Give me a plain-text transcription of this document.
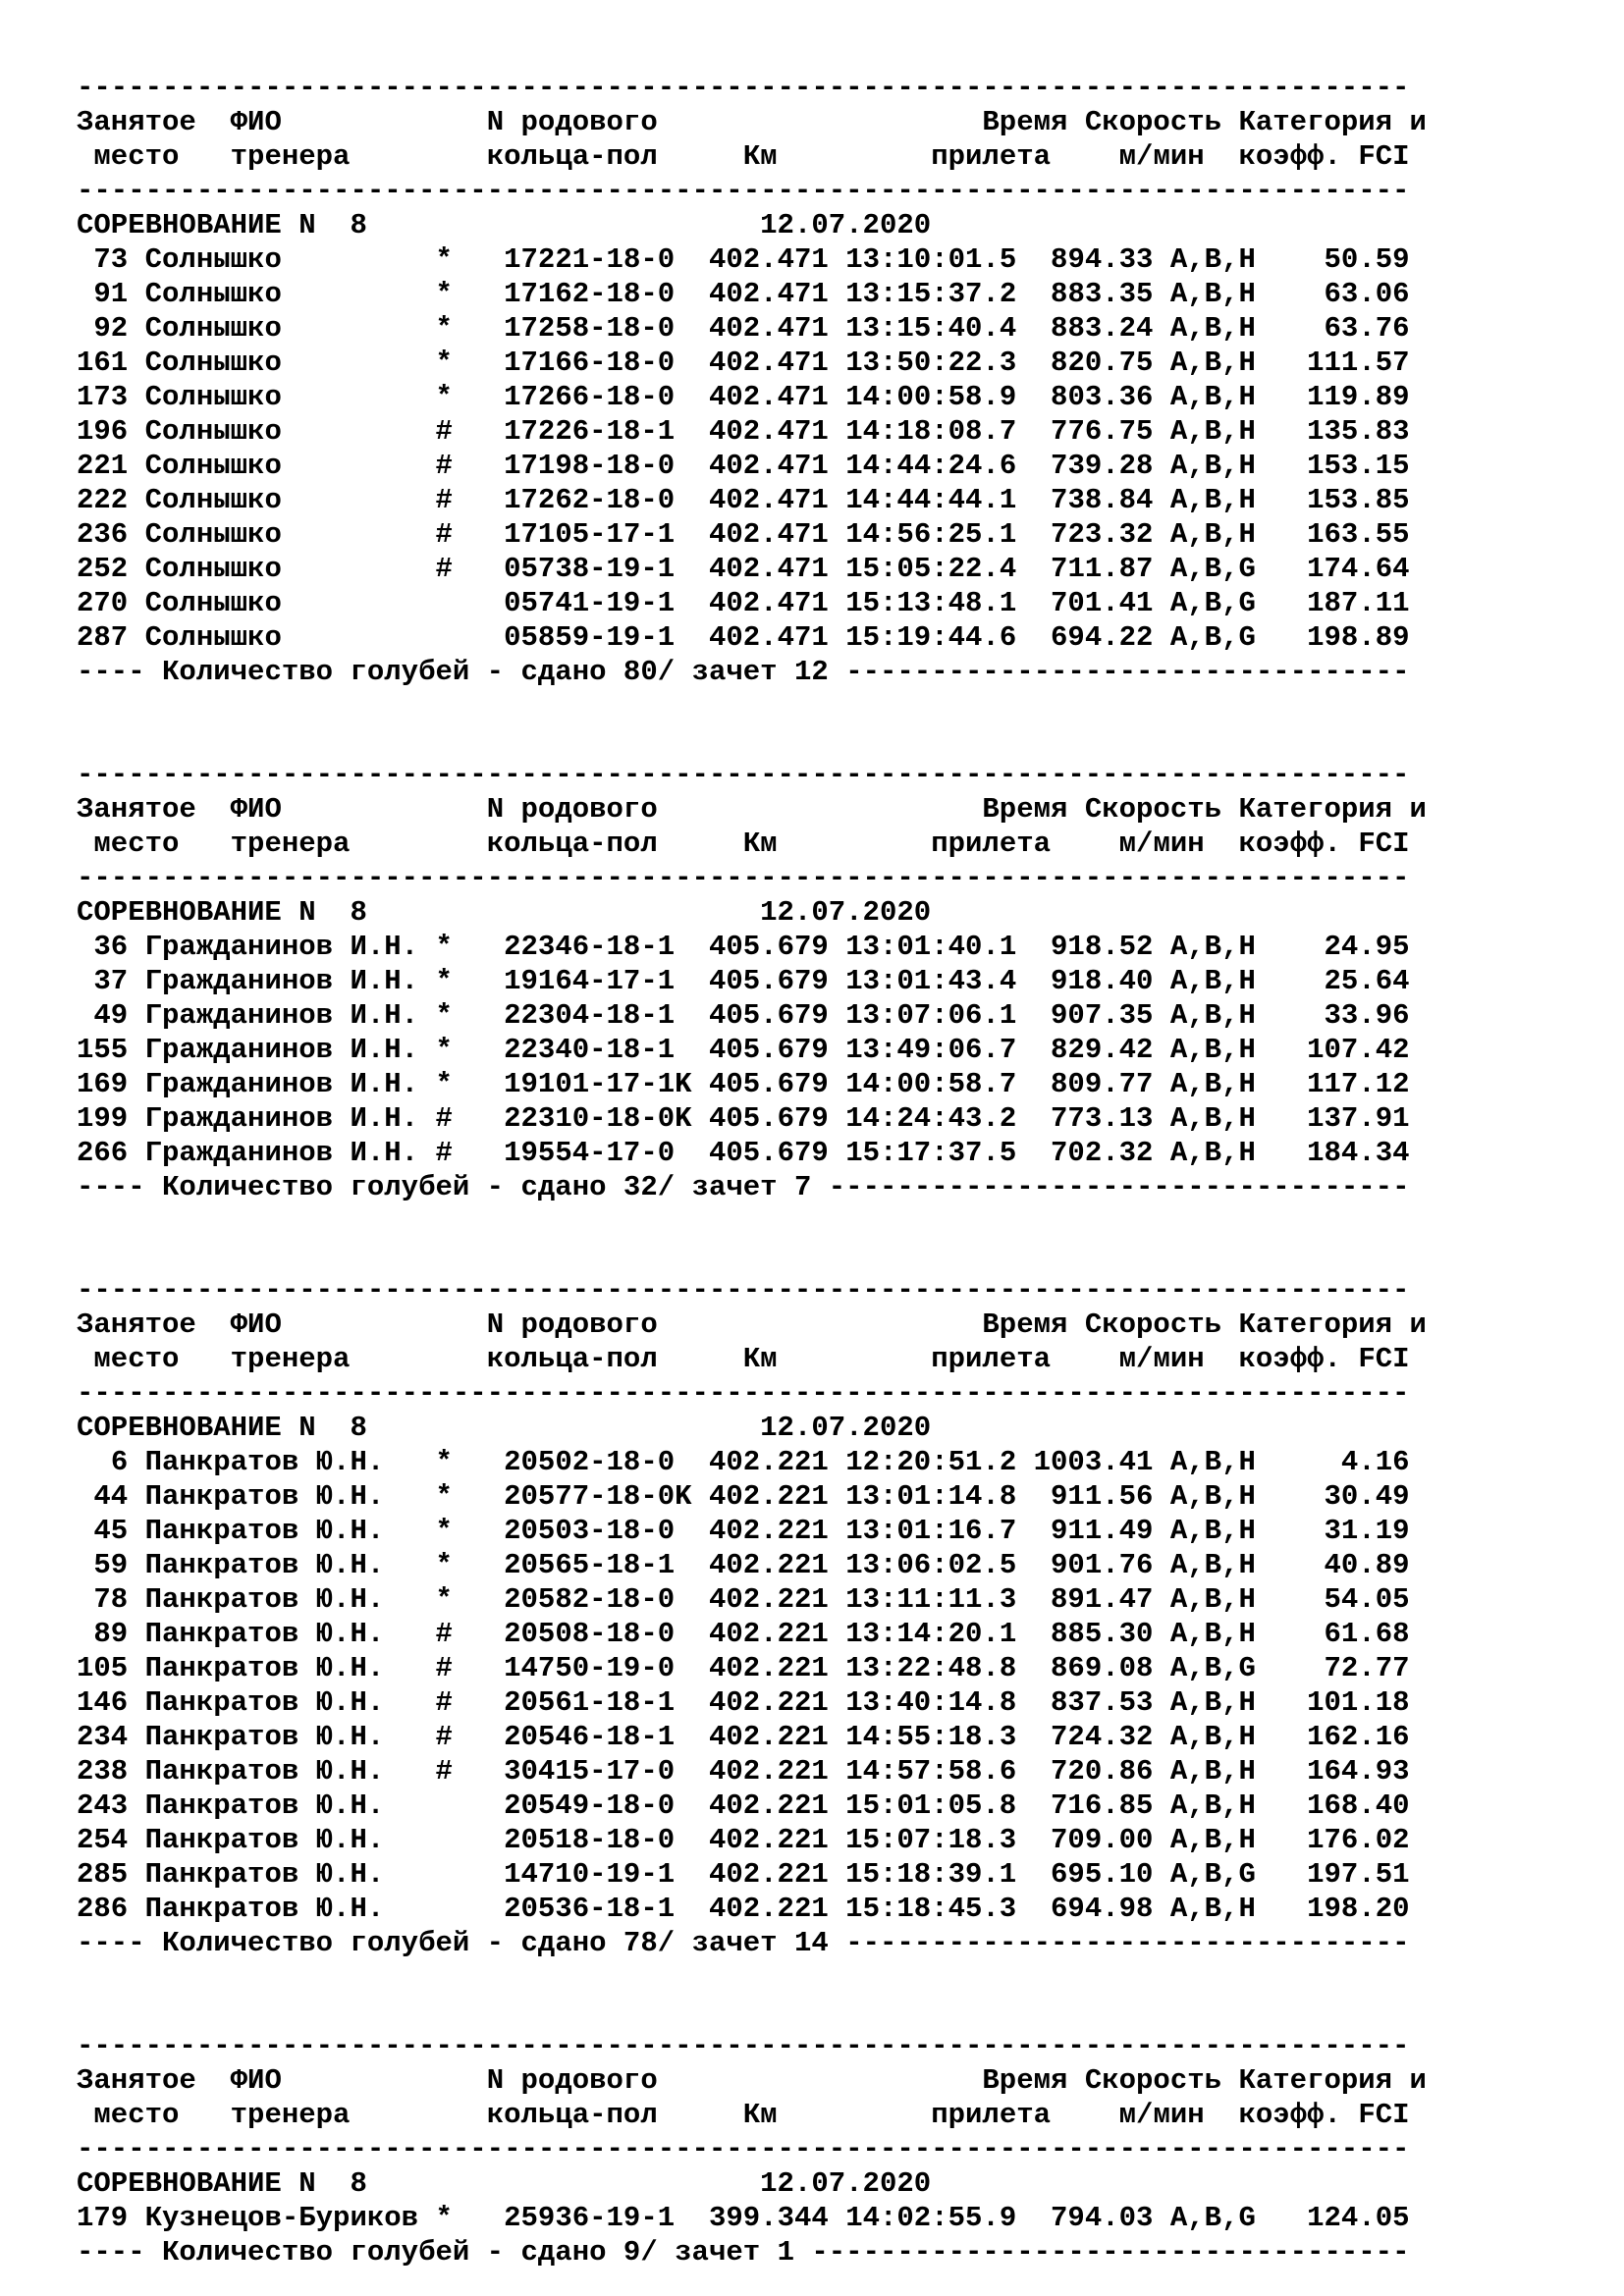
------------------------------------------------------------------------------
Занятое ФИО	N родового	Время Скорость Категория и
место тренера	кольца-пол	Км	прилета м/мин коэфф. FCI
------------------------------------------------------------------------------
СОРЕВНОВАНИЕ N 8	12.07.2020
73 Солнышко	* 17221-18-0 402.471 13:10:01.5 894.33 A,B,H 50.59
91 Солнышко	* 17162-18-0 402.471 13:15:37.2 883.35 A,B,H 63.06
92 Солнышко	* 17258-18-0 402.471 13:15:40.4 883.24 A,B,H 63.76
161 Солнышко	* 17166-18-0 402.471 13:50:22.3 820.75 A,B,H 111.57
173 Солнышко	* 17266-18-0 402.471 14:00:58.9 803.36 A,B,H 119.89
196 Солнышко	# 17226-18-1 402.471 14:18:08.7 776.75 A,B,H 135.83
221 Солнышко	# 17198-18-0 402.471 14:44:24.6 739.28 A,B,H 153.15
222 Солнышко	# 17262-18-0 402.471 14:44:44.1 738.84 A,B,H 153.85
236 Солнышко	# 17105-17-1 402.471 14:56:25.1 723.32 A,B,H 163.55
252 Солнышко	# 05738-19-1 402.471 15:05:22.4 711.87 A,B,G 174.64
270 Солнышко	05741-19-1 402.471 15:13:48.1 701.41 A,B,G 187.11
287 Солнышко	05859-19-1 402.471 15:19:44.6 694.22 A,B,G 198.89
---- Количество голубей - сдано 80/ зачет 12 ---------------------------------
------------------------------------------------------------------------------
Занятое ФИО	N родового	Время Скорость Категория и
место тренера	кольца-пол	Км	прилета м/мин коэфф. FCI
------------------------------------------------------------------------------
СОРЕВНОВАНИЕ N 8	12.07.2020
36 Гражданинов И.Н. * 22346-18-1 405.679 13:01:40.1 918.52 A,B,H 24.95
37 Гражданинов И.Н. * 19164-17-1 405.679 13:01:43.4 918.40 A,B,H 25.64
49 Гражданинов И.Н. * 22304-18-1 405.679 13:07:06.1 907.35 A,B,H 33.96
155 Гражданинов И.Н. * 22340-18-1 405.679 13:49:06.7 829.42 A,B,H 107.42
169 Гражданинов И.Н. * 19101-17-1K 405.679 14:00:58.7 809.77 A,B,H 117.12
199 Гражданинов И.Н. # 22310-18-0K 405.679 14:24:43.2 773.13 A,B,H 137.91
266 Гражданинов И.Н. # 19554-17-0 405.679 15:17:37.5 702.32 A,B,H 184.34
---- Количество голубей - сдано 32/ зачет 7 ----------------------------------
------------------------------------------------------------------------------
Занятое ФИО	N родового	Время Скорость Категория и
место тренера	кольца-пол	Км	прилета м/мин коэфф. FCI
------------------------------------------------------------------------------
СОРЕВНОВАНИЕ N 8	12.07.2020
6 Панкратов Ю.Н. * 20502-18-0 402.221 12:20:51.2 1003.41 A,B,H	4.16
44 Панкратов Ю.Н. * 20577-18-0K 402.221 13:01:14.8 911.56 A,B,H 30.49
45 Панкратов Ю.Н. * 20503-18-0 402.221 13:01:16.7 911.49 A,B,H 31.19
59 Панкратов Ю.Н. * 20565-18-1 402.221 13:06:02.5 901.76 A,B,H 40.89
78 Панкратов Ю.Н. * 20582-18-0 402.221 13:11:11.3 891.47 A,B,H 54.05
89 Панкратов Ю.Н. # 20508-18-0 402.221 13:14:20.1 885.30 A,B,H 61.68
105 Панкратов Ю.Н. # 14750-19-0 402.221 13:22:48.8 869.08 A,B,G 72.77
146 Панкратов Ю.Н. # 20561-18-1 402.221 13:40:14.8 837.53 A,B,H 101.18
234 Панкратов Ю.Н. # 20546-18-1 402.221 14:55:18.3 724.32 A,B,H 162.16
238 Панкратов Ю.Н. # 30415-17-0 402.221 14:57:58.6 720.86 A,B,H 164.93
243 Панкратов Ю.Н.	20549-18-0 402.221 15:01:05.8 716.85 A,B,H 168.40
254 Панкратов Ю.Н.	20518-18-0 402.221 15:07:18.3 709.00 A,B,H 176.02
285 Панкратов Ю.Н.	14710-19-1 402.221 15:18:39.1 695.10 A,B,G 197.51
286 Панкратов Ю.Н.	20536-18-1 402.221 15:18:45.3 694.98 A,B,H 198.20
---- Количество голубей - сдано 78/ зачет 14 ---------------------------------
------------------------------------------------------------------------------
Занятое ФИО	N родового	Время Скорость Категория и
место тренера	кольца-пол	Км	прилета м/мин коэфф. FCI
------------------------------------------------------------------------------
СОРЕВНОВАНИЕ N 8	12.07.2020
179 Кузнецов-Буриков * 25936-19-1 399.344 14:02:55.9 794.03 A,B,G 124.05
---- Количество голубей - сдано 9/ зачет 1 -----------------------------------
